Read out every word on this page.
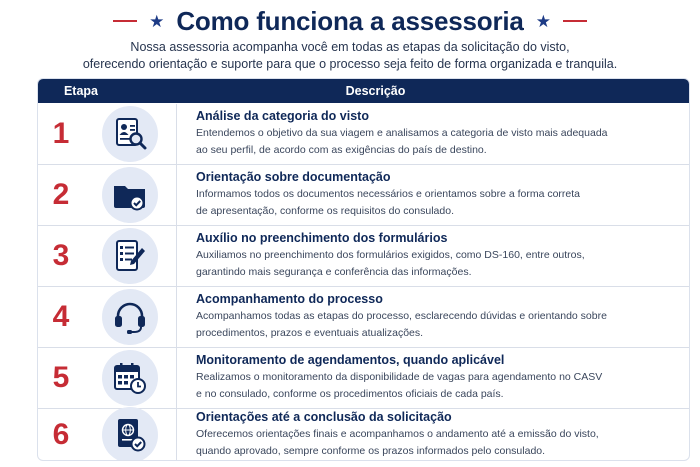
★ Como funciona a assessoria ★
Nossa assessoria acompanha você em todas as etapas da solicitação do visto,
oferecendo orientação e suporte para que o processo seja feito de forma organizada e tranquila.
Etapa	Descrição
1
Análise da categoria do visto
Entendemos o objetivo da sua viagem e analisamos a categoria de visto mais adequada
ao seu perfil, de acordo com as exigências do país de destino.
2
Orientação sobre documentação
Informamos todos os documentos necessários e orientamos sobre a forma correta
de apresentação, conforme os requisitos do consulado.
3
Auxílio no preenchimento dos formulários
Auxiliamos no preenchimento dos formulários exigidos, como DS-160, entre outros,
garantindo mais segurança e conferência das informações.
4
Acompanhamento do processo
Acompanhamos todas as etapas do processo, esclarecendo dúvidas e orientando sobre
procedimentos, prazos e eventuais atualizações.
5
Monitoramento de agendamentos, quando aplicável
Realizamos o monitoramento da disponibilidade de vagas para agendamento no CASV
e no consulado, conforme os procedimentos oficiais de cada país.
6
Orientações até a conclusão da solicitação
Oferecemos orientações finais e acompanhamos o andamento até a emissão do visto,
quando aprovado, sempre conforme os prazos informados pelo consulado.
